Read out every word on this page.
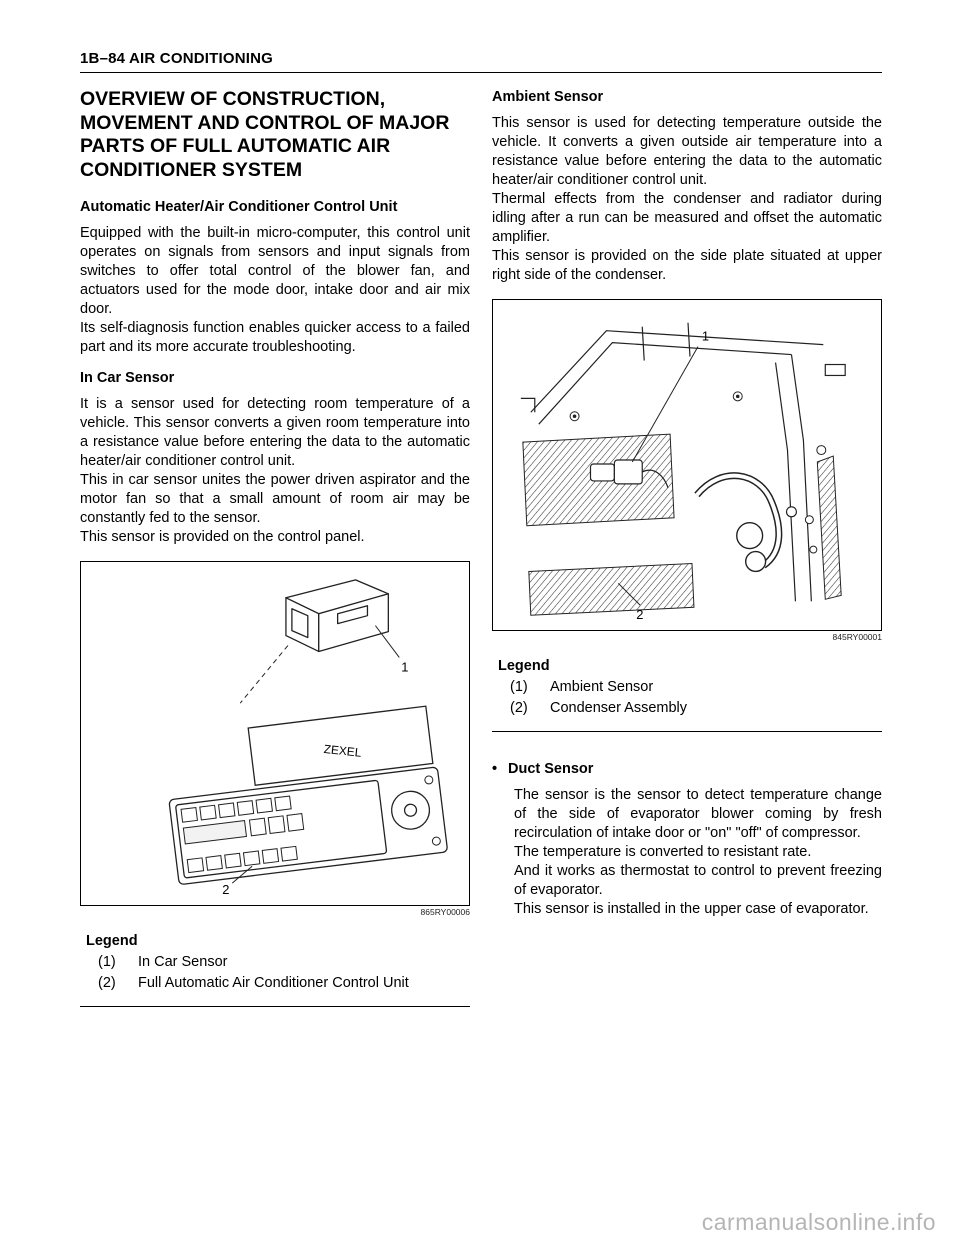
1B–84 AIR CONDITIONING
OVERVIEW OF CONSTRUCTION, MOVEMENT AND CONTROL OF MAJOR PARTS OF FULL AUTOMATIC AIR CONDITIONER SYSTEM
Automatic Heater/Air Conditioner Control Unit

Equipped with the built-in micro-computer, this control unit operates on signals from sensors and input signals from switches to offer total control of the blower fan, and actuators used for the mode door, intake door and air mix door.

Its self-diagnosis function enables quicker access to a failed part and its more accurate troubleshooting.

In Car Sensor

It is a sensor used for detecting room temperature of a vehicle. This sensor converts a given room temperature into a resistance value before entering the data to the automatic heater/air conditioner control unit.

This in car sensor unites the power driven aspirator and the motor fan so that a small amount of room air may be constantly fed to the sensor.

This sensor is provided on the control panel.

1
ZEXEL
2
865RY00006
Legend
(1)	In Car Sensor
(2)	Full Automatic Air Conditioner Control Unit
Ambient Sensor

This sensor is used for detecting temperature outside the vehicle. It converts a given outside air temperature into a resistance value before entering the data to the automatic heater/air conditioner control unit.

Thermal effects from the condenser and radiator during idling after a run can be measured and offset the automatic amplifier.

This sensor is provided on the side plate situated at upper right side of the condenser.

1
2
845RY00001
Legend
(1)	Ambient Sensor
(2)	Condenser Assembly
• Duct Sensor

The sensor is the sensor to detect temperature change of the side of evaporator blower coming by fresh recirculation of intake door or "on" "off" of compressor.

The temperature is converted to resistant rate.

And it works as thermostat to control to prevent freezing of evaporator.

This sensor is installed in the upper case of evaporator.

carmanualsonline.info
